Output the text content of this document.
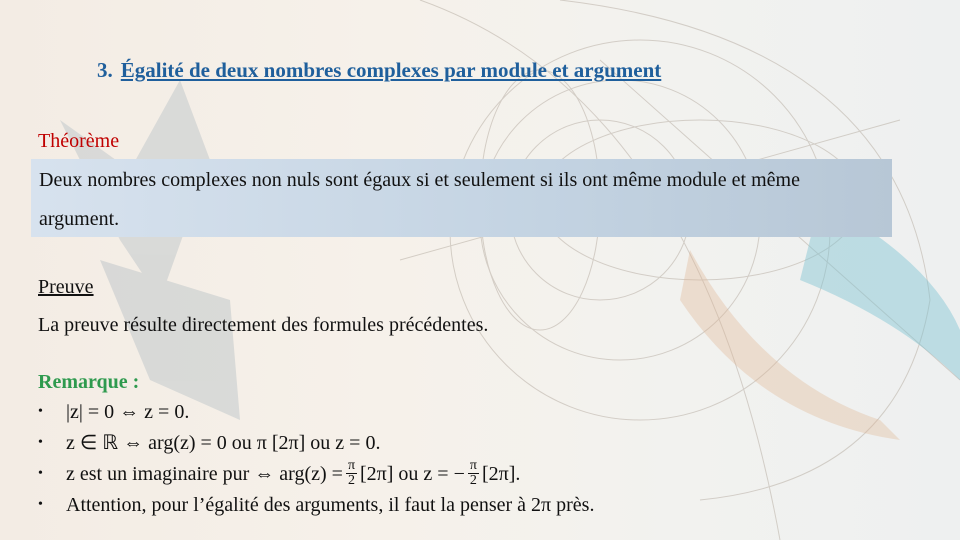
3. Égalité de deux nombres complexes par module et argument
Théorème
Deux nombres complexes non nuls sont égaux si et seulement si ils ont même module et même argument.
Preuve
La preuve résulte directement des formules précédentes.
Remarque :
•	|z| = 0 ⇔ z = 0.
•	z ∈ ℝ ⇔ arg(z) = 0 ou π [2π] ou z = 0.
•	z est un imaginaire pur ⇔ $arg(z) = \frac{\pi}{2} [2\pi]$ ou z = − $\frac{\pi}{2} [2\pi]$.
•	Attention, pour l’égalité des arguments, il faut la penser à 2π près.
